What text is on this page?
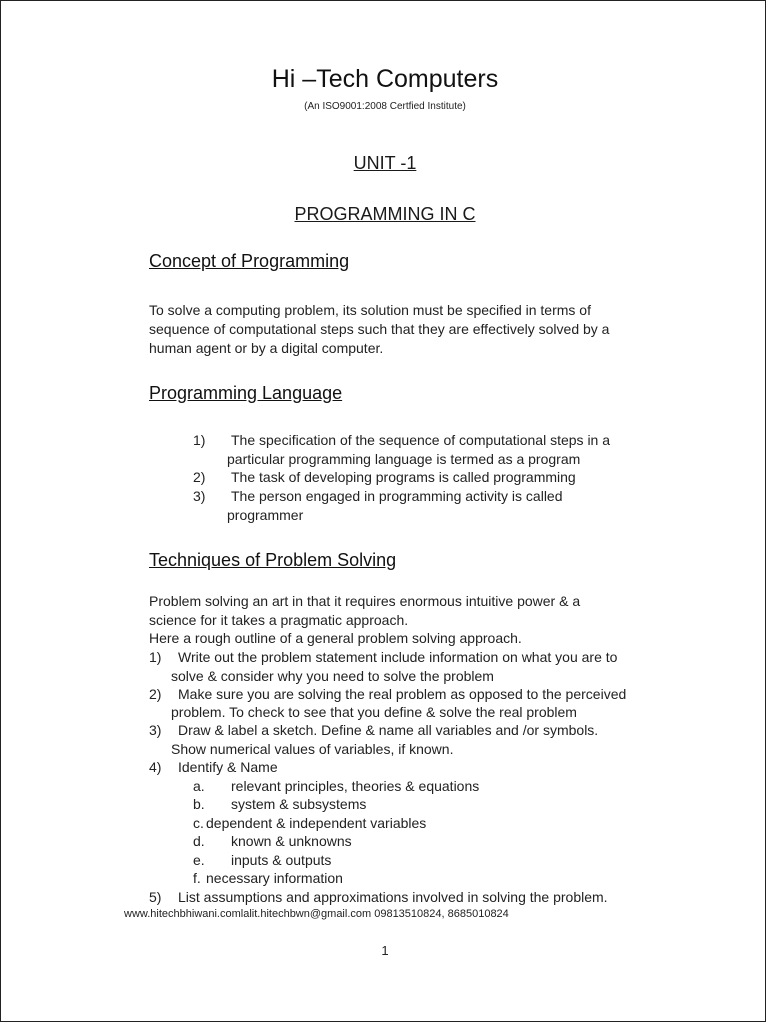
Hi –Tech Computers
(An ISO9001:2008 Certfied Institute)
UNIT -1
PROGRAMMING IN C
Concept of Programming
To solve a computing problem, its solution must be specified in terms of
sequence of computational steps such that they are effectively solved by a
human agent or by a digital computer.
Programming Language
1) The specification of the sequence of computational steps in a
particular programming language is termed as a program
2) The task of developing programs is called programming
3) The person engaged in programming activity is called
programmer
Techniques of Problem Solving
Problem solving an art in that it requires enormous intuitive power & a
science for it takes a pragmatic approach.
Here a rough outline of a general problem solving approach.
1) Write out the problem statement include information on what you are to
solve & consider why you need to solve the problem
2) Make sure you are solving the real problem as opposed to the perceived
problem. To check to see that you define & solve the real problem
3) Draw & label a sketch. Define & name all variables and /or symbols.
Show numerical values of variables, if known.
4) Identify & Name
a. relevant principles, theories & equations
b. system & subsystems
c. dependent & independent variables
d. known & unknowns
e. inputs & outputs
f. necessary information
5) List assumptions and approximations involved in solving the problem.
www.hitechbhiwani.comlalit.hitechbwn@gmail.com 09813510824, 8685010824
1
